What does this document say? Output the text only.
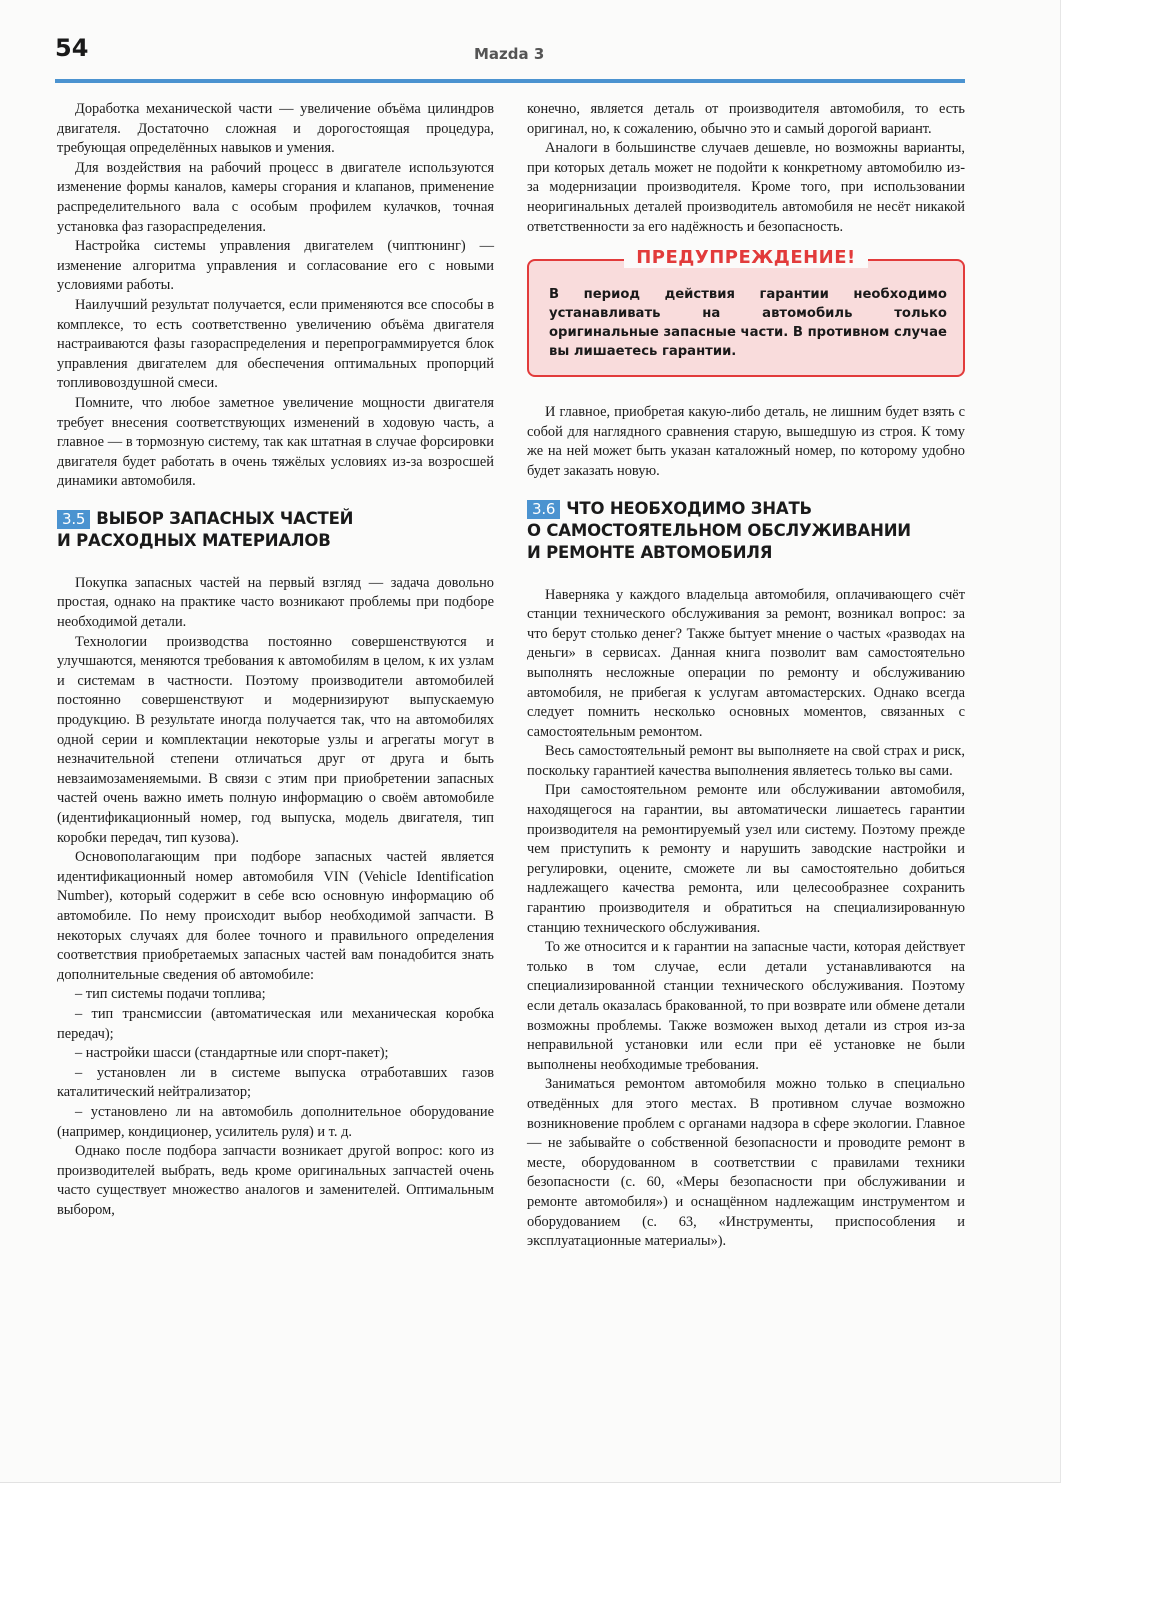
54	Mazda 3

Доработка механической части — увеличение объёма цилиндров двигателя. Достаточно сложная и дорогостоящая процедура, требующая определённых навыков и умения.

Для воздействия на рабочий процесс в двигателе используются изменение формы каналов, камеры сгорания и клапанов, применение распределительного вала с особым профилем кулачков, точная установка фаз газораспределения.

Настройка системы управления двигателем (чиптюнинг) — изменение алгоритма управления и согласование его с новыми условиями работы.

Наилучший результат получается, если применяются все способы в комплексе, то есть соответственно увеличению объёма двигателя настраиваются фазы газораспределения и перепрограммируется блок управления двигателем для обеспечения оптимальных пропорций топливовоздушной смеси.

Помните, что любое заметное увеличение мощности двигателя требует внесения соответствующих изменений в ходовую часть, а главное — в тормозную систему, так как штатная в случае форсировки двигателя будет работать в очень тяжёлых условиях из-за возросшей динамики автомобиля.

3.5 ВЫБОР ЗАПАСНЫХ ЧАСТЕЙ
И РАСХОДНЫХ МАТЕРИАЛОВ

Покупка запасных частей на первый взгляд — задача довольно простая, однако на практике часто возникают проблемы при подборе необходимой детали.

Технологии производства постоянно совершенствуются и улучшаются, меняются требования к автомобилям в целом, к их узлам и системам в частности. Поэтому производители автомобилей постоянно совершенствуют и модернизируют выпускаемую продукцию. В результате иногда получается так, что на автомобилях одной серии и комплектации некоторые узлы и агрегаты могут в незначительной степени отличаться друг от друга и быть невзаимозаменяемыми. В связи с этим при приобретении запасных частей очень важно иметь полную информацию о своём автомобиле (идентификационный номер, год выпуска, модель двигателя, тип коробки передач, тип кузова).

Основополагающим при подборе запасных частей является идентификационный номер автомобиля VIN (Vehicle Identification Number), который содержит в себе всю основную информацию об автомобиле. По нему происходит выбор необходимой запчасти. В некоторых случаях для более точного и правильного определения соответствия приобретаемых запасных частей вам понадобится знать дополнительные сведения об автомобиле:

– тип системы подачи топлива;

– тип трансмиссии (автоматическая или механическая коробка передач);

– настройки шасси (стандартные или спорт-пакет);

– установлен ли в системе выпуска отработавших газов каталитический нейтрализатор;

– установлено ли на автомобиль дополнительное оборудование (например, кондиционер, усилитель руля) и т. д.

Однако после подбора запчасти возникает другой вопрос: кого из производителей выбрать, ведь кроме оригинальных запчастей очень часто существует множество аналогов и заменителей. Оптимальным выбором,

конечно, является деталь от производителя автомобиля, то есть оригинал, но, к сожалению, обычно это и самый дорогой вариант.

Аналоги в большинстве случаев дешевле, но возможны варианты, при которых деталь может не подойти к конкретному автомобилю из-за модернизации производителя. Кроме того, при использовании неоригинальных деталей производитель автомобиля не несёт никакой ответственности за его надёжность и безопасность.

ПРЕДУПРЕЖДЕНИЕ!

В период действия гарантии необходимо устанавливать на автомобиль только оригинальные запасные части. В противном случае вы лишаетесь гарантии.

И главное, приобретая какую-либо деталь, не лишним будет взять с собой для наглядного сравнения старую, вышедшую из строя. К тому же на ней может быть указан каталожный номер, по которому удобно будет заказать новую.

3.6 ЧТО НЕОБХОДИМО ЗНАТЬ
О САМОСТОЯТЕЛЬНОМ ОБСЛУЖИВАНИИ
И РЕМОНТЕ АВТОМОБИЛЯ

Наверняка у каждого владельца автомобиля, оплачивающего счёт станции технического обслуживания за ремонт, возникал вопрос: за что берут столько денег? Также бытует мнение о частых «разводах на деньги» в сервисах. Данная книга позволит вам самостоятельно выполнять несложные операции по ремонту и обслуживанию автомобиля, не прибегая к услугам автомастерских. Однако всегда следует помнить несколько основных моментов, связанных с самостоятельным ремонтом.

Весь самостоятельный ремонт вы выполняете на свой страх и риск, поскольку гарантией качества выполнения являетесь только вы сами.

При самостоятельном ремонте или обслуживании автомобиля, находящегося на гарантии, вы автоматически лишаетесь гарантии производителя на ремонтируемый узел или систему. Поэтому прежде чем приступить к ремонту и нарушить заводские настройки и регулировки, оцените, сможете ли вы самостоятельно добиться надлежащего качества ремонта, или целесообразнее сохранить гарантию производителя и обратиться на специализированную станцию технического обслуживания.

То же относится и к гарантии на запасные части, которая действует только в том случае, если детали устанавливаются на специализированной станции технического обслуживания. Поэтому если деталь оказалась бракованной, то при возврате или обмене детали возможны проблемы. Также возможен выход детали из строя из-за неправильной установки или если при её установке не были выполнены необходимые требования.

Заниматься ремонтом автомобиля можно только в специально отведённых для этого местах. В противном случае возможно возникновение проблем с органами надзора в сфере экологии. Главное — не забывайте о собственной безопасности и проводите ремонт в месте, оборудованном в соответствии с правилами техники безопасности (с. 60, «Меры безопасности при обслуживании и ремонте автомобиля») и оснащённом надлежащим инструментом и оборудованием (с. 63, «Инструменты, приспособления и эксплуатационные материалы»).
